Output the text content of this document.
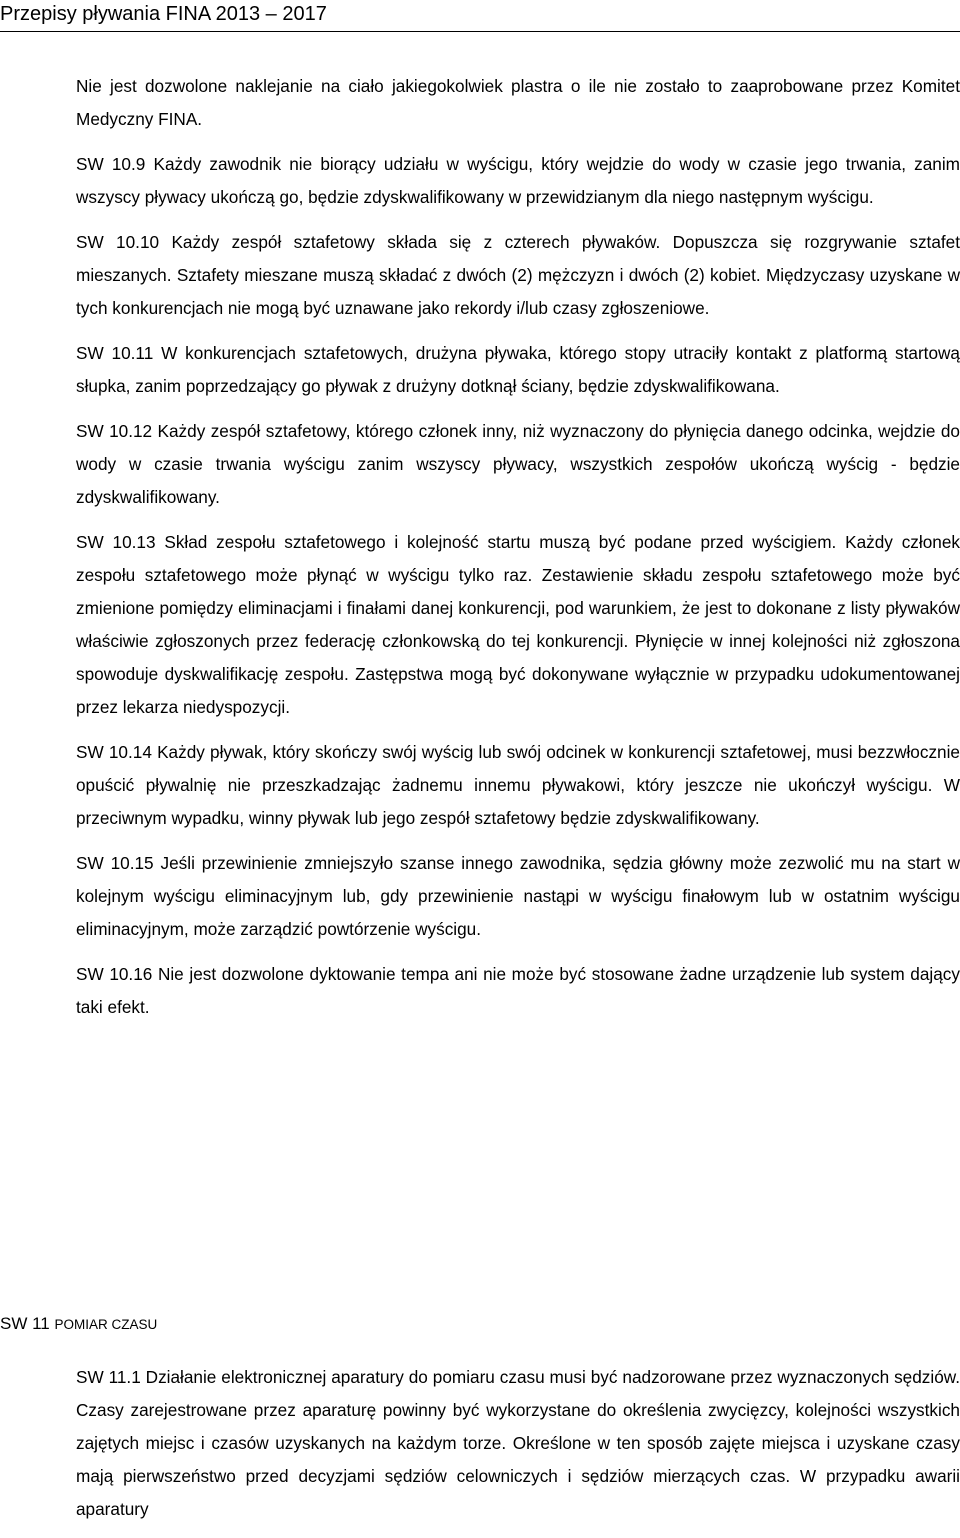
Przepisy pływania FINA 2013 – 2017

Nie jest dozwolone naklejanie na ciało jakiegokolwiek plastra o ile nie zostało to zaaprobowane przez Komitet Medyczny FINA.

SW 10.9 Każdy zawodnik nie biorący udziału w wyścigu, który wejdzie do wody w czasie jego trwania, zanim wszyscy pływacy ukończą go, będzie zdyskwalifikowany w przewidzianym dla niego następnym wyścigu.

SW 10.10 Każdy zespół sztafetowy składa się z czterech pływaków. Dopuszcza się rozgrywanie sztafet mieszanych. Sztafety mieszane muszą składać z dwóch (2) mężczyzn i dwóch (2) kobiet. Międzyczasy uzyskane w tych konkurencjach nie mogą być uznawane jako rekordy i/lub czasy zgłoszeniowe.

SW 10.11 W konkurencjach sztafetowych, drużyna pływaka, którego stopy utraciły kontakt z platformą startową słupka, zanim poprzedzający go pływak z drużyny dotknął ściany, będzie zdyskwalifikowana.

SW 10.12 Każdy zespół sztafetowy, którego członek inny, niż wyznaczony do płynięcia danego odcinka, wejdzie do wody w czasie trwania wyścigu zanim wszyscy pływacy, wszystkich zespołów ukończą wyścig - będzie zdyskwalifikowany.

SW 10.13 Skład zespołu sztafetowego i kolejność startu muszą być podane przed wyścigiem. Każdy członek zespołu sztafetowego może płynąć w wyścigu tylko raz. Zestawienie składu zespołu sztafetowego może być zmienione pomiędzy eliminacjami i finałami danej konkurencji, pod warunkiem, że jest to dokonane z listy pływaków właściwie zgłoszonych przez federację członkowską do tej konkurencji. Płynięcie w innej kolejności niż zgłoszona spowoduje dyskwalifikację zespołu. Zastępstwa mogą być dokonywane wyłącznie w przypadku udokumentowanej przez lekarza niedyspozycji.

SW 10.14 Każdy pływak, który skończy swój wyścig lub swój odcinek w konkurencji sztafetowej, musi bezzwłocznie opuścić pływalnię nie przeszkadzając żadnemu innemu pływakowi, który jeszcze nie ukończył wyścigu. W przeciwnym wypadku, winny pływak lub jego zespół sztafetowy będzie zdyskwalifikowany.

SW 10.15 Jeśli przewinienie zmniejszyło szanse innego zawodnika, sędzia główny może zezwolić mu na start w kolejnym wyścigu eliminacyjnym lub, gdy przewinienie nastąpi w wyścigu finałowym lub w ostatnim wyścigu eliminacyjnym, może zarządzić powtórzenie wyścigu.

SW 10.16 Nie jest dozwolone dyktowanie tempa ani nie może być stosowane żadne urządzenie lub system dający taki efekt.

SW 11 POMIAR CZASU

SW 11.1 Działanie elektronicznej aparatury do pomiaru czasu musi być nadzorowane przez wyznaczonych sędziów. Czasy zarejestrowane przez aparaturę powinny być wykorzystane do określenia zwycięzcy, kolejności wszystkich zajętych miejsc i czasów uzyskanych na każdym torze. Określone w ten sposób zajęte miejsca i uzyskane czasy mają pierwszeństwo przed decyzjami sędziów celowniczych i sędziów mierzących czas. W przypadku awarii aparatury
